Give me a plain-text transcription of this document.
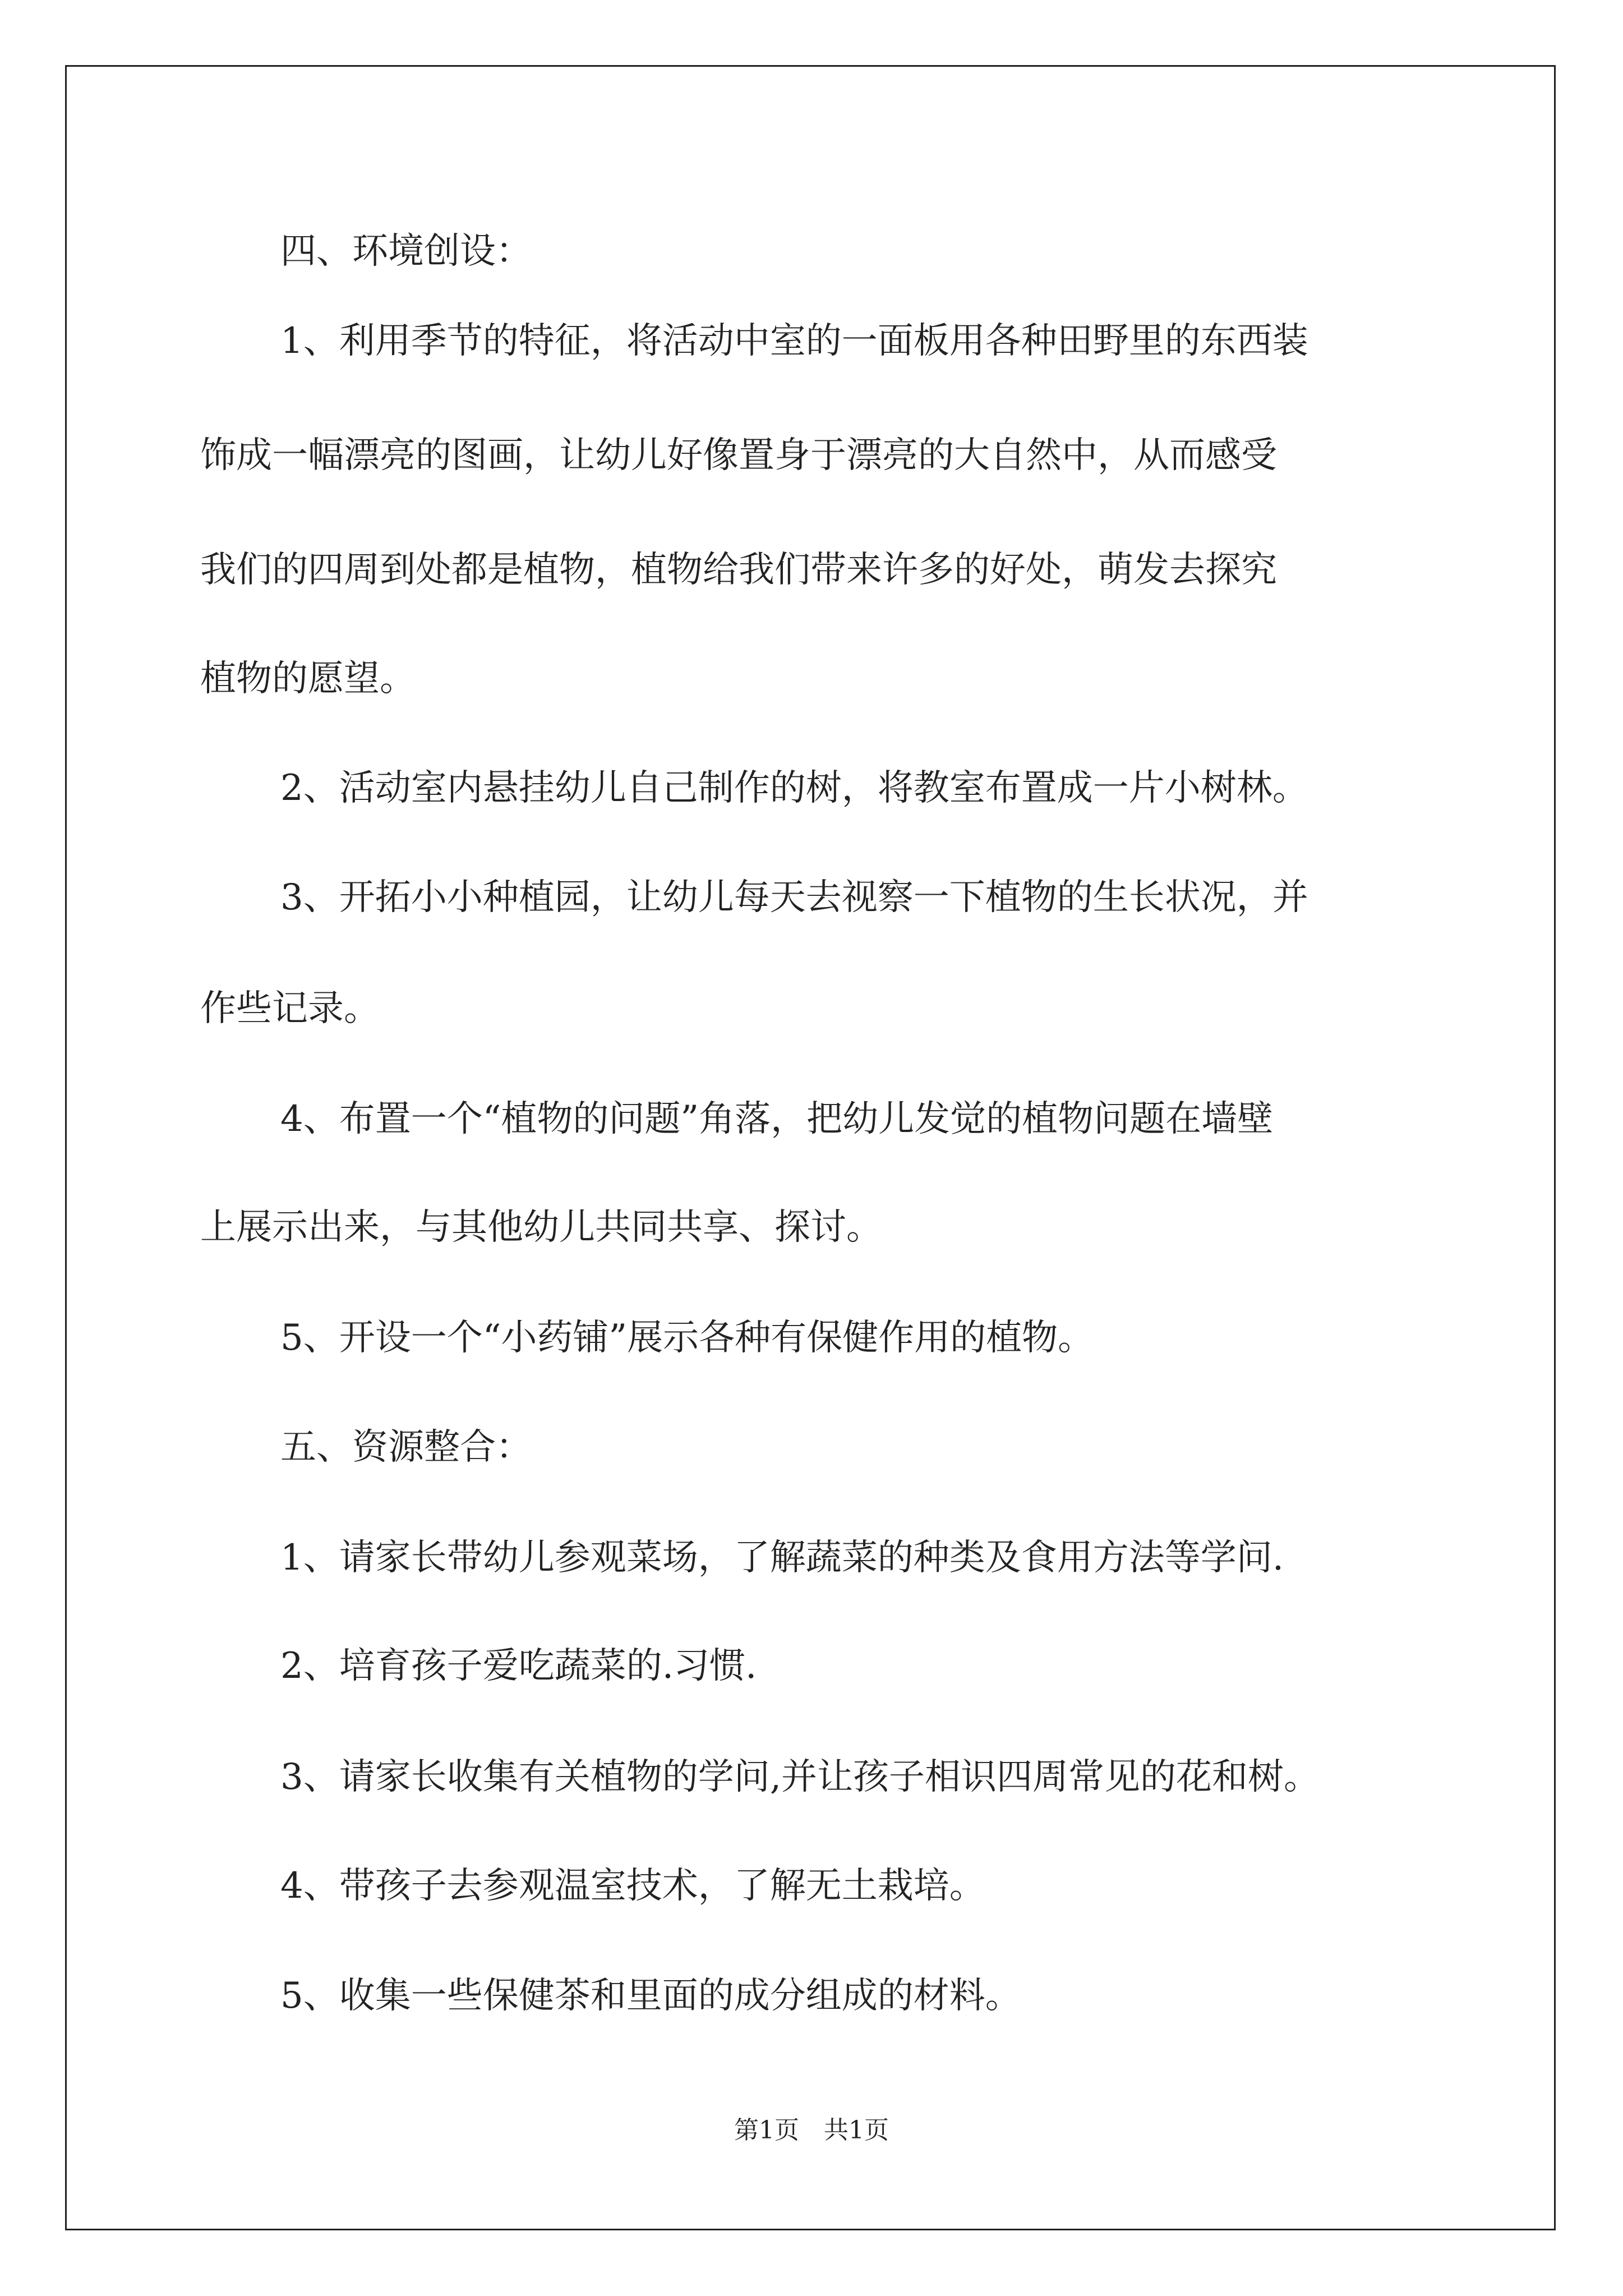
四、环境创设：
1、利用季节的特征，将活动中室的一面板用各种田野里的东西装
饰成一幅漂亮的图画，让幼儿好像置身于漂亮的大自然中，从而感受
我们的四周到处都是植物，植物给我们带来许多的好处，萌发去探究
植物的愿望。
2、活动室内悬挂幼儿自己制作的树，将教室布置成一片小树林。
3、开拓小小种植园，让幼儿每天去视察一下植物的生长状况，并
作些记录。
4、布置一个“植物的问题”角落，把幼儿发觉的植物问题在墙壁
上展示出来，与其他幼儿共同共享、探讨。
5、开设一个“小药铺”展示各种有保健作用的植物。
五、资源整合：
1、请家长带幼儿参观菜场，了解蔬菜的种类及食用方法等学问.
2、培育孩子爱吃蔬菜的.习惯.
3、请家长收集有关植物的学问,并让孩子相识四周常见的花和树。
4、带孩子去参观温室技术，了解无土栽培。
5、收集一些保健茶和里面的成分组成的材料。
第1页　共1页
